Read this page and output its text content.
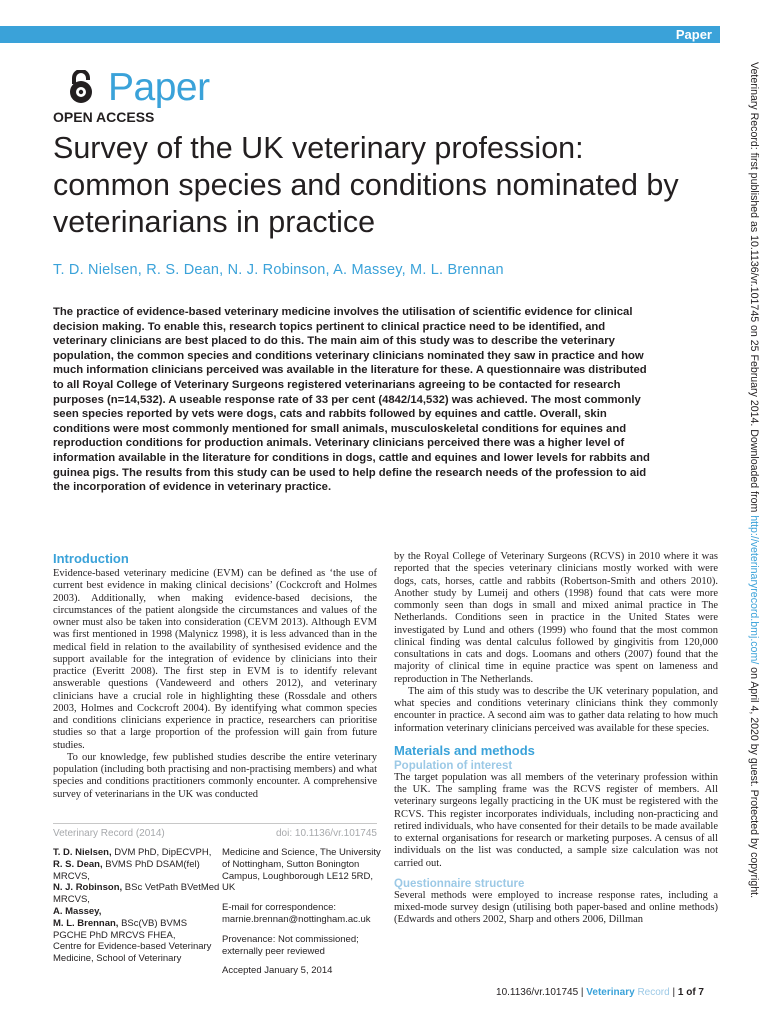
Paper
Paper
OPEN ACCESS
Survey of the UK veterinary profession: common species and conditions nominated by veterinarians in practice
T. D. Nielsen, R. S. Dean, N. J. Robinson, A. Massey, M. L. Brennan
The practice of evidence-based veterinary medicine involves the utilisation of scientific evidence for clinical decision making. To enable this, research topics pertinent to clinical practice need to be identified, and veterinary clinicians are best placed to do this. The main aim of this study was to describe the veterinary population, the common species and conditions veterinary clinicians nominated they saw in practice and how much information clinicians perceived was available in the literature for these. A questionnaire was distributed to all Royal College of Veterinary Surgeons registered veterinarians agreeing to be contacted for research purposes (n=14,532). A useable response rate of 33 per cent (4842/14,532) was achieved. The most commonly seen species reported by vets were dogs, cats and rabbits followed by equines and cattle. Overall, skin conditions were most commonly mentioned for small animals, musculoskeletal conditions for equines and reproduction conditions for production animals. Veterinary clinicians perceived there was a higher level of information available in the literature for conditions in dogs, cattle and equines and lower levels for rabbits and guinea pigs. The results from this study can be used to help define the research needs of the profession to aid the incorporation of evidence in veterinary practice.
Introduction

Evidence-based veterinary medicine (EVM) can be defined as ‘the use of current best evidence in making clinical decisions’ (Cockcroft and Holmes 2003). Additionally, when making evidence-based decisions, the circumstances of the patient alongside the circumstances and values of the owner must also be taken into consideration (CEVM 2013). Although EVM was first mentioned in 1998 (Malynicz 1998), it is less advanced than in the medical field in relation to the availability of synthesised evidence and the support available for the integration of evidence by clinicians into their practice (Everitt 2008). The first step in EVM is to identify relevant answerable questions (Vandeweerd and others 2012), and veterinary clinicians have a crucial role in highlighting these (Rossdale and others 2003, Holmes and Cockcroft 2004). By identifying what common species and conditions clinicians experience in practice, researchers can prioritise studies so that a large proportion of the profession will gain from future studies.

To our knowledge, few published studies describe the entire veterinary population (including both practising and non-practising members) and what species and conditions practitioners commonly encounter. A comprehensive survey of veterinarians in the UK was conducted

by the Royal College of Veterinary Surgeons (RCVS) in 2010 where it was reported that the species veterinary clinicians mostly worked with were dogs, cats, horses, cattle and rabbits (Robertson-Smith and others 2010). Another study by Lumeij and others (1998) found that cats were more commonly seen than dogs in small and mixed animal practice in The Netherlands. Conditions seen in practice in the United States were investigated by Lund and others (1999) who found that the most common clinical finding was dental calculus followed by gingivitis from 120,000 consultations in cats and dogs. Loomans and others (2007) found that the majority of clinical time in equine practice was spent on lameness and reproduction in The Netherlands.

The aim of this study was to describe the UK veterinary population, and what species and conditions veterinary clinicians think they commonly encounter in practice. A second aim was to gather data relating to how much information veterinary clinicians perceived was available for these species.

Materials and methods
Population of interest

The target population was all members of the veterinary profession within the UK. The sampling frame was the RCVS register of members. All veterinary surgeons legally practicing in the UK must be registered with the RCVS. This register incorporates individuals, including non-practicing and retired individuals, who have consented for their details to be made available to external organisations for research or marketing purposes. A census of all individuals on the list was conducted, a sample size calculation was not carried out.

Questionnaire structure

Several methods were employed to increase response rates, including a mixed-mode survey design (utilising both paper-based and online methods) (Edwards and others 2002, Sharp and others 2006, Dillman

Veterinary Record (2014)	doi: 10.1136/vr.101745
T. D. Nielsen, DVM PhD, DipECVPH,
R. S. Dean, BVMS PhD DSAM(fel) MRCVS,
N. J. Robinson, BSc VetPath BVetMed MRCVS,
A. Massey,
M. L. Brennan, BSc(VB) BVMS PGCHE PhD MRCVS FHEA,
Centre for Evidence-based Veterinary Medicine, School of Veterinary
Medicine and Science, The University of Nottingham, Sutton Bonington Campus, Loughborough LE12 5RD, UK
E-mail for correspondence: marnie.brennan@nottingham.ac.uk
Provenance: Not commissioned; externally peer reviewed
Accepted January 5, 2014
Veterinary Record: first published as 10.1136/vr.101745 on 25 February 2014. Downloaded from http://veterinaryrecord.bmj.com/ on April 4, 2020 by guest. Protected by copyright.
10.1136/vr.101745 | Veterinary Record | 1 of 7
